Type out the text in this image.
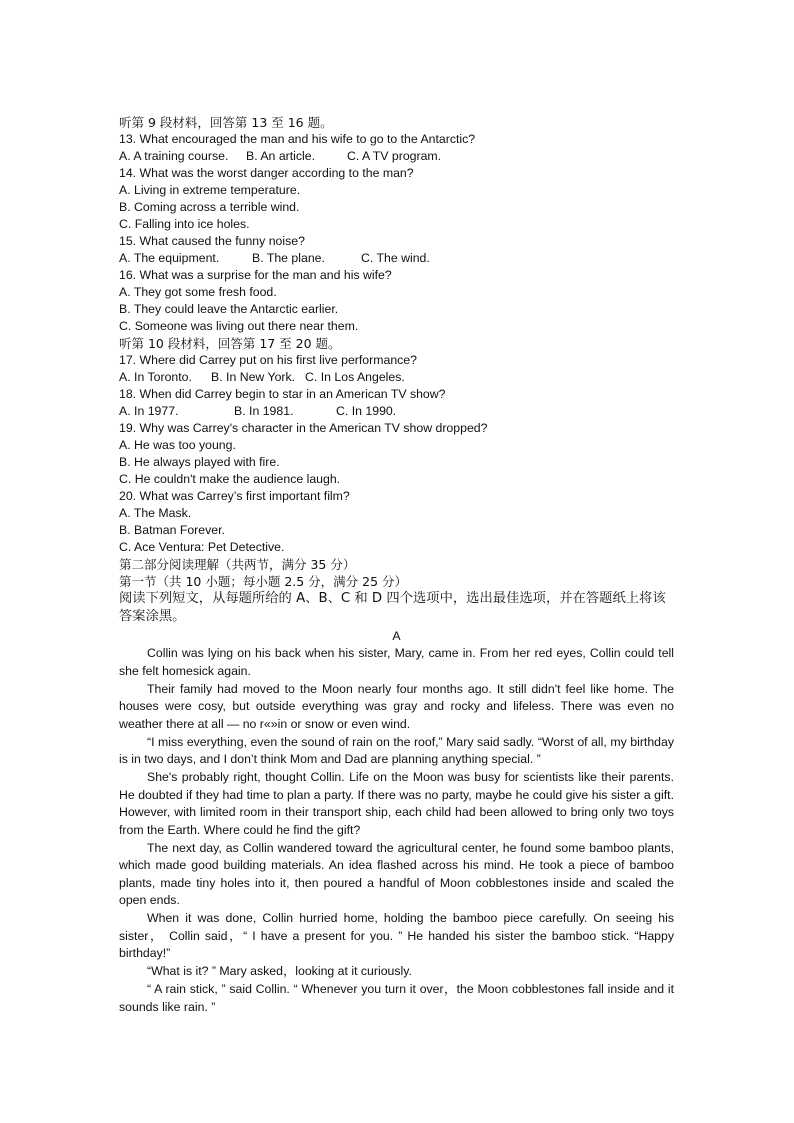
听第 9 段材料，回答第 13 至 16 题。
13. What encouraged the man and his wife to go to the Antarctic?
A. A training course. B. An article.	C. A TV program.
14. What was the worst danger according to the man?
A. Living in extreme temperature.
B. Coming across a terrible wind.
C. Falling into ice holes.
15. What caused the funny noise?
A. The equipment.	B. The plane.	C. The wind.
16. What was a surprise for the man and his wife?
A. They got some fresh food.
B. They could leave the Antarctic earlier.
C. Someone was living out there near them.
听第 10 段材料，回答第 17 至 20 题。
17. Where did Carrey put on his first live performance?
A. In Toronto. B. In New York. C. In Los Angeles.
18. When did Carrey begin to star in an American TV show?
A. In 1977.	B. In 1981.	C. In 1990.
19. Why was Carrey's character in the American TV show dropped?
A. He was too young.
B. He always played with fire.
C. He couldn't make the audience laugh.
20. What was Carrey’s first important film?
A. The Mask.
B. Batman Forever.
C. Ace Ventura: Pet Detective.
第二部分阅读理解（共两节，满分 35 分）
第一节（共 10 小题；每小题 2.5 分，满分 25 分）
阅读下列短文，从每题所给的 A、B、C 和 D 四个选项中，选出最佳选项，并在答题纸上将该答案涂黑。
A

Collin was lying on his back when his sister, Mary, came in. From her red eyes, Collin could tell she felt homesick again.

Their family had moved to the Moon nearly four months ago. It still didn't feel like home. The houses were cosy, but outside everything was gray and rocky and lifeless. There was even no weather there at all — no r«»in or snow or even wind.

“I miss everything, even the sound of rain on the roof,” Mary said sadly. “Worst of all, my birthday is in two days, and I don’t think Mom and Dad are planning anything special. ”

She's probably right, thought Collin. Life on the Moon was busy for scientists like their parents. He doubted if they had time to plan a party. If there was no party, maybe he could give his sister a gift. However, with limited room in their transport ship, each child had been allowed to bring only two toys from the Earth. Where could he find the gift?

The next day, as Collin wandered toward the agricultural center, he found some bamboo plants, which made good building materials. An idea flashed across his mind. He took a piece of bamboo plants, made tiny holes into it, then poured a handful of Moon cobblestones inside and scaled the open ends.

When it was done, Collin hurried home, holding the bamboo piece carefully. On seeing his sister， Collin said，“ I have a present for you. ” He handed his sister the bamboo stick. “Happy birthday!”

“What is it? ” Mary asked，looking at it curiously.

“ A rain stick, ” said Collin. “ Whenever you turn it over，the Moon cobblestones fall inside and it sounds like rain. ”
